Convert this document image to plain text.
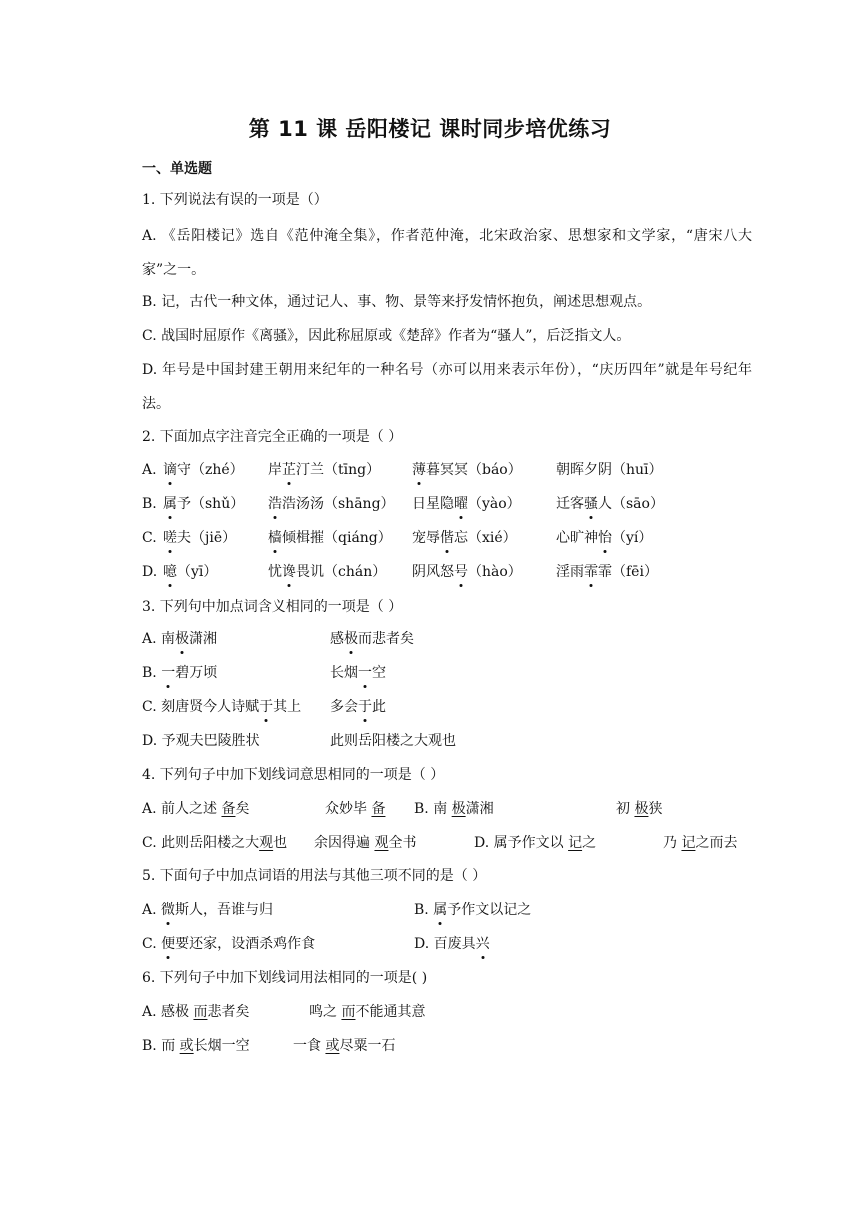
第 11 课 岳阳楼记 课时同步培优练习
一、单选题
1. 下列说法有误的一项是（）
A. 《岳阳楼记》选自《范仲淹全集》，作者范仲淹，北宋政治家、思想家和文学家，“唐宋八大家”之一。
B. 记，古代一种文体，通过记人、事、物、景等来抒发情怀抱负，阐述思想观点。
C. 战国时屈原作《离骚》，因此称屈原或《楚辞》作者为“骚人”，后泛指文人。
D. 年号是中国封建王朝用来纪年的一种名号（亦可以用来表示年份），“庆历四年”就是年号纪年法。
2. 下面加点字注音完全正确的一项是（ ）
A. 谪守（zhé） 岸芷汀兰（tīng） 薄暮冥冥（báo） 朝晖夕阴（huī）
B. 属予（shǔ） 浩浩汤汤（shāng） 日星隐曜（yào）	迁客骚人（sāo）
C. 嗟夫（jiē） 樯倾楫摧（qiáng） 宠辱偕忘（xié）	心旷神怡（yí）
D. 噫（yī）	忧谗畏讥（chán） 阴风怒号（hào） 淫雨霏霏（fēi）
3. 下列句中加点词含义相同的一项是（ ）
A. 南极潇湘	感极而悲者矣
B. 一碧万顷	长烟一空
C. 刻唐贤今人诗赋于其上 多会于此
D. 予观夫巴陵胜状	此则岳阳楼之大观也
4. 下列句子中加下划线词意思相同的一项是（ ）
A. 前人之述 备矣	众妙毕 备 B. 南 极潇湘	初 极狭
C. 此则岳阳楼之大观也 余因得遍 观全书	D. 属予作文以 记之	乃 记之而去
5. 下面句子中加点词语的用法与其他三项不同的是（ ）
A. 微斯人，吾谁与归	B. 属予作文以记之
C. 便要还家，设酒杀鸡作食	D. 百废具兴
6. 下列句子中加下划线词用法相同的一项是( )
A. 感极 而悲者矣	鸣之 而不能通其意
B. 而 或长烟一空	一食 或尽粟一石
